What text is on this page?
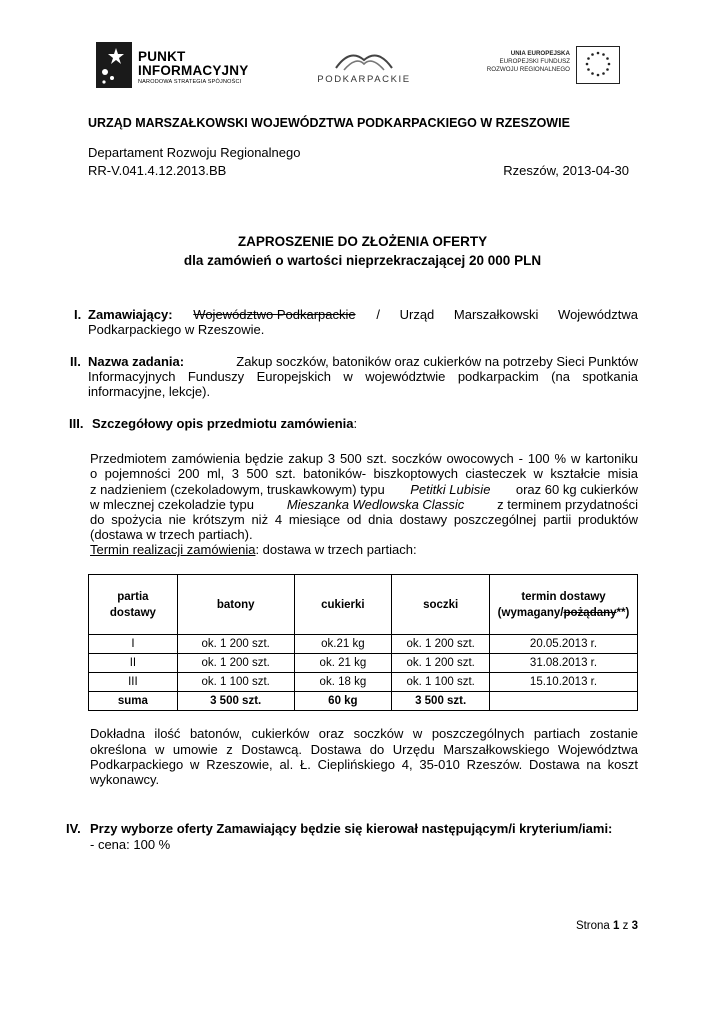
PUNKT
INFORMACYJNY
NARODOWA STRATEGIA SPÓJNOŚCI	PODKARPACKIE
UNIA EUROPEJSKA
EUROPEJSKI FUNDUSZ
ROZWOJU REGIONALNEGO
URZĄD MARSZAŁKOWSKI WOJEWÓDZTWA PODKARPACKIEGO W RZESZOWIE
Departament Rozwoju Regionalnego
RR-V.041.4.12.2013.BB	Rzeszów, 2013-04-30
ZAPROSZENIE DO ZŁOŻENIA OFERTY
dla zamówień o wartości nieprzekraczającej 20 000 PLN
I. Zamawiający: Województwo Podkarpackie / Urząd Marszałkowski Województwa
Podkarpackiego w Rzeszowie.
II. Nazwa zadania:	Zakup soczków, batoników oraz cukierków na potrzeby Sieci Punktów
Informacyjnych Funduszy Europejskich w województwie podkarpackim (na spotkania
informacyjne, lekcje).
III. Szczegółowy opis przedmiotu zamówienia:
Przedmiotem zamówienia będzie zakup 3 500 szt. soczków owocowych - 100 % w kartoniku
o pojemności 200 ml, 3 500 szt. batoników- biszkoptowych ciasteczek w kształcie misia
z nadzieniem (czekoladowym, truskawkowym) typu Petitki Lubisie oraz 60 kg cukierków
w mlecznej czekoladzie typu	Mieszanka Wedlowska Classic	z terminem przydatności
do spożycia nie krótszym niż 4 miesiące od dnia dostawy poszczególnej partii produktów
(dostawa w trzech partiach).
Termin realizacji zamówienia: dostawa w trzech partiach:
partia
dostawy	batony	cukierki	soczki	termin dostawy
(wymagany/pożądany**)
I	ok. 1 200 szt.	ok.21 kg	ok. 1 200 szt.	20.05.2013 r.
II	ok. 1 200 szt.	ok. 21 kg	ok. 1 200 szt.	31.08.2013 r.
III	ok. 1 100 szt.	ok. 18 kg	ok. 1 100 szt.	15.10.2013 r.
suma	3 500 szt.	60 kg	3 500 szt.	
Dokładna ilość batonów, cukierków oraz soczków w poszczególnych partiach zostanie
określona w umowie z Dostawcą. Dostawa do Urzędu Marszałkowskiego Województwa
Podkarpackiego w Rzeszowie, al. Ł. Cieplińskiego 4, 35-010 Rzeszów. Dostawa na koszt
wykonawcy.
IV. Przy wyborze oferty Zamawiający będzie się kierował następującym/i kryterium/iami:
- cena: 100 %
Strona 1 z 3
